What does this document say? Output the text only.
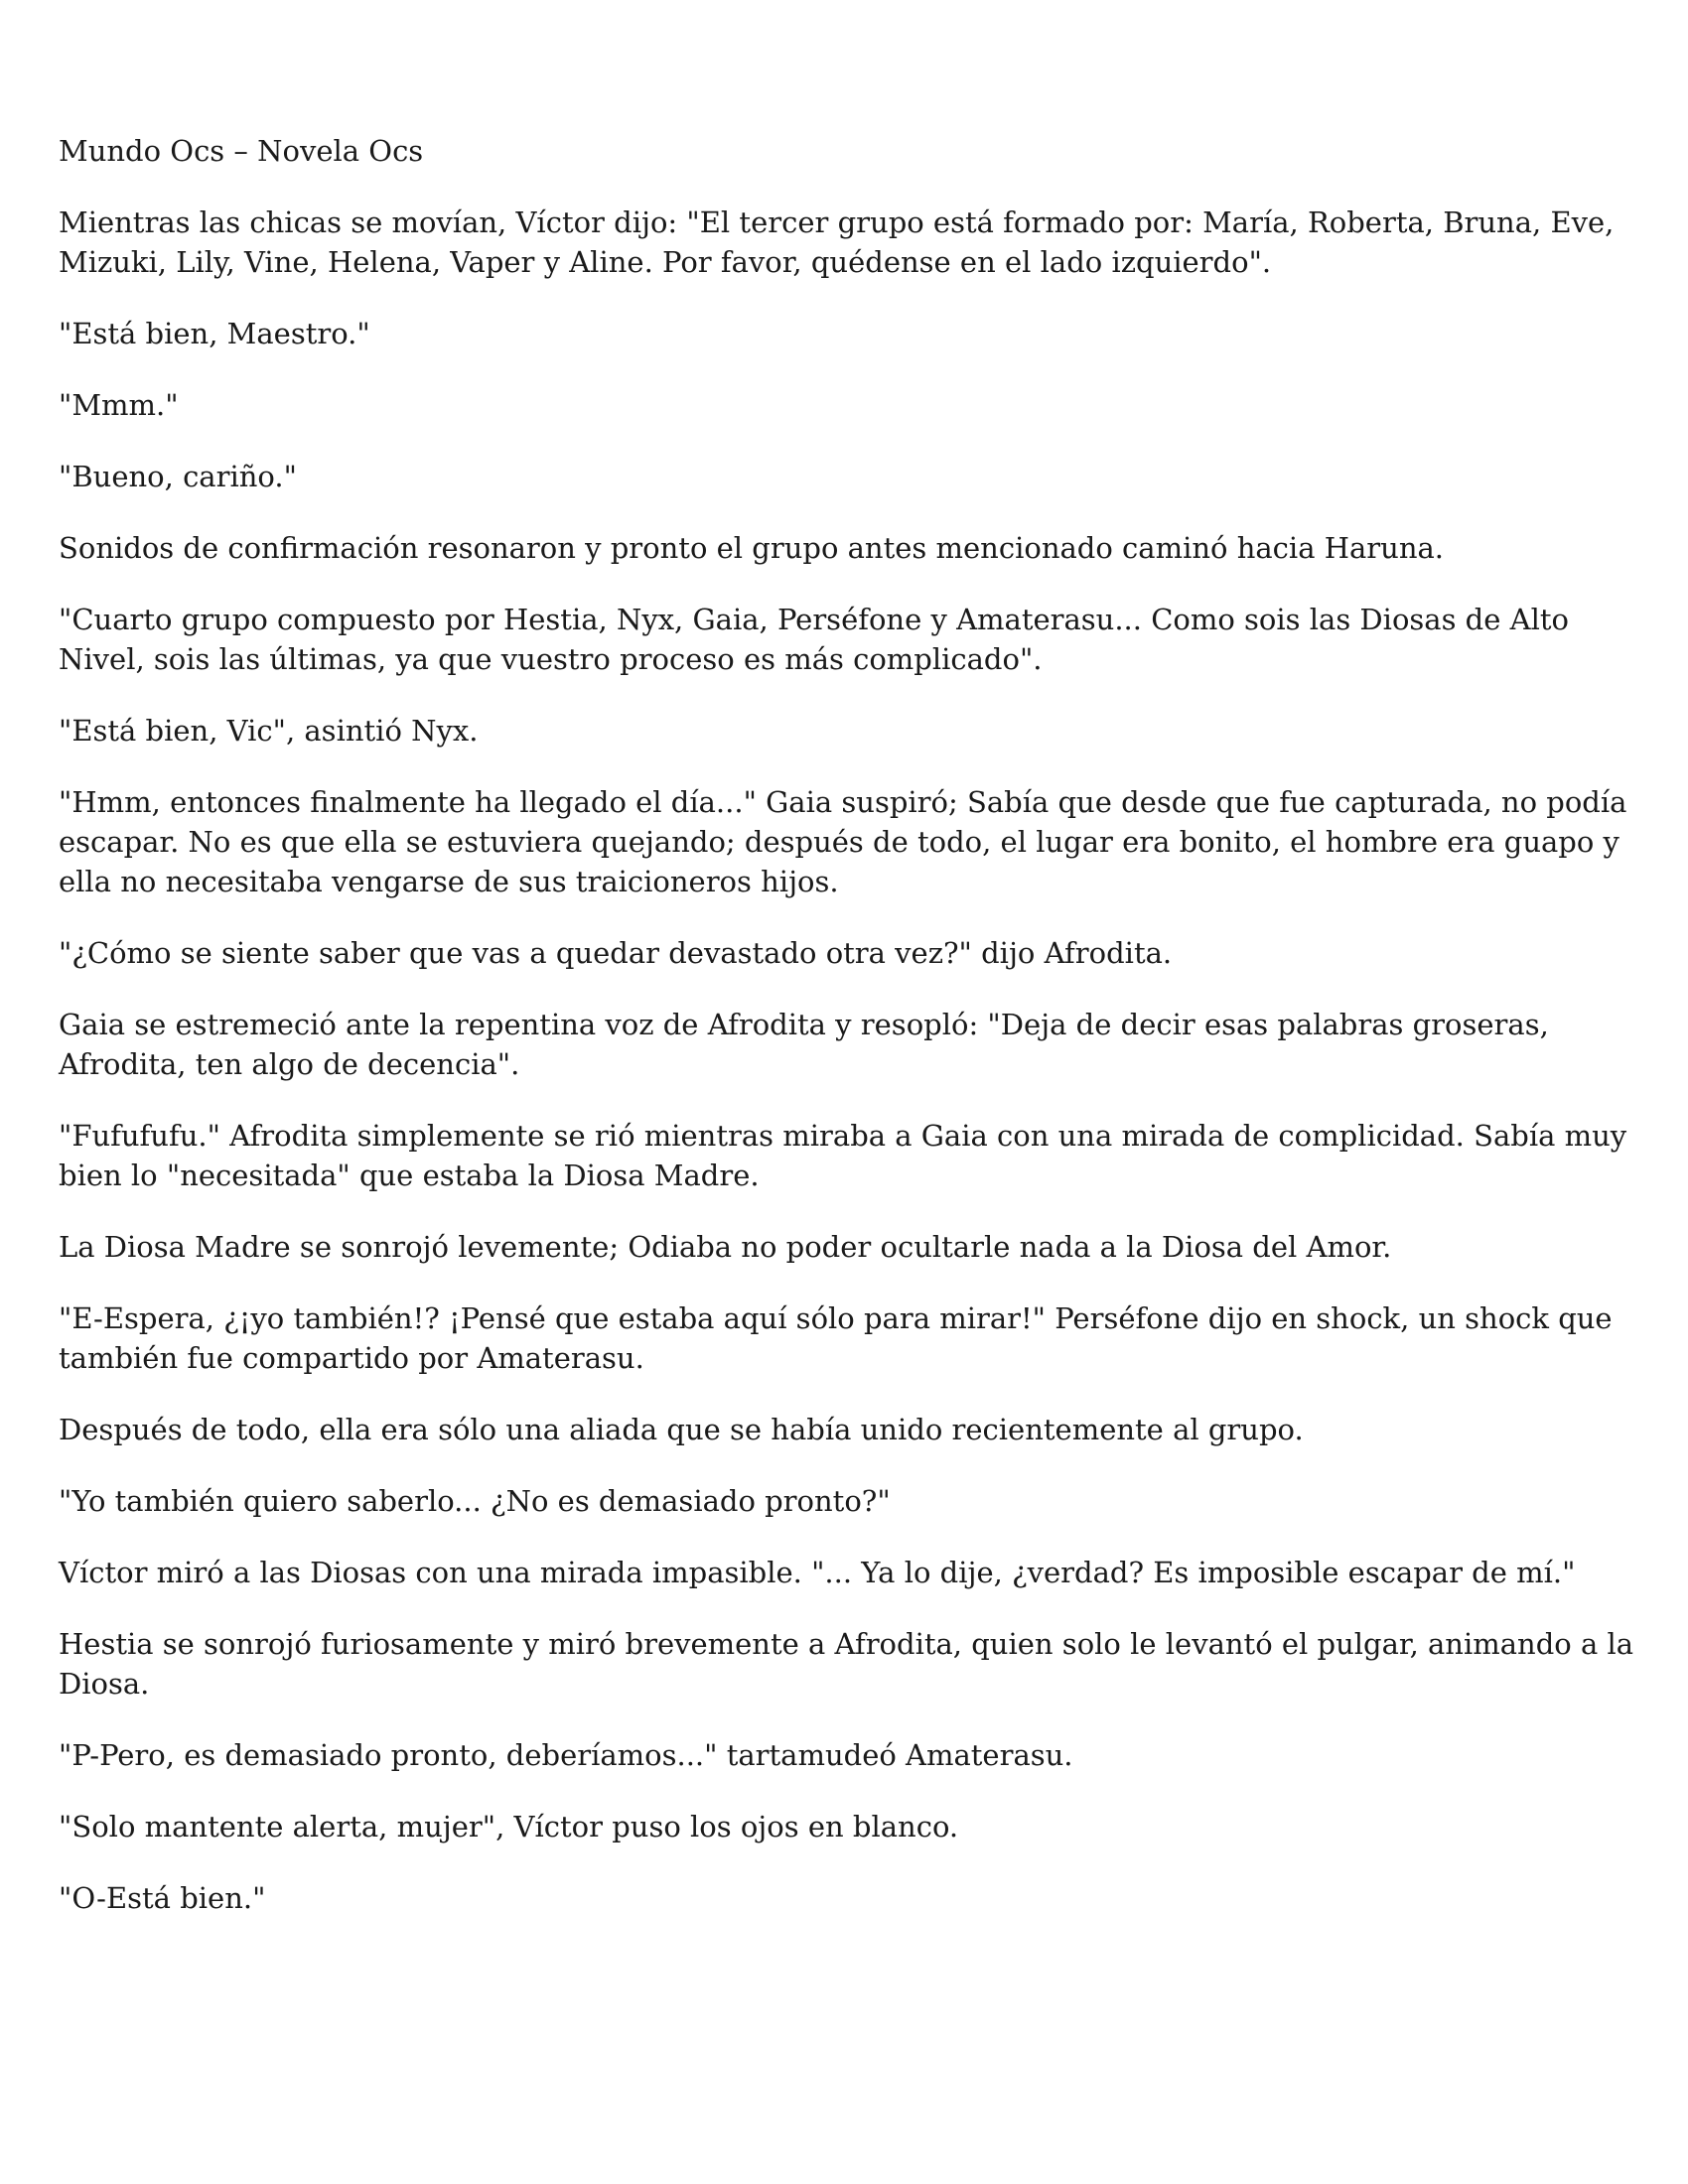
Mundo Ocs – Novela Ocs

Mientras las chicas se movían, Víctor dijo: "El tercer grupo está formado por: María, Roberta, Bruna, Eve, Mizuki, Lily, Vine, Helena, Vaper y Aline. Por favor, quédense en el lado izquierdo".

"Está bien, Maestro."

"Mmm."

"Bueno, cariño."

Sonidos de confirmación resonaron y pronto el grupo antes mencionado caminó hacia Haruna.

"Cuarto grupo compuesto por Hestia, Nyx, Gaia, Perséfone y Amaterasu... Como sois las Diosas de Alto Nivel, sois las últimas, ya que vuestro proceso es más complicado".

"Está bien, Vic", asintió Nyx.

"Hmm, entonces finalmente ha llegado el día..." Gaia suspiró; Sabía que desde que fue capturada, no podía escapar. No es que ella se estuviera quejando; después de todo, el lugar era bonito, el hombre era guapo y ella no necesitaba vengarse de sus traicioneros hijos.

"¿Cómo se siente saber que vas a quedar devastado otra vez?" dijo Afrodita.

Gaia se estremeció ante la repentina voz de Afrodita y resopló: "Deja de decir esas palabras groseras, Afrodita, ten algo de decencia".

"Fufufufu." Afrodita simplemente se rió mientras miraba a Gaia con una mirada de complicidad. Sabía muy bien lo "necesitada" que estaba la Diosa Madre.

La Diosa Madre se sonrojó levemente; Odiaba no poder ocultarle nada a la Diosa del Amor.

"E-Espera, ¿¡yo también!? ¡Pensé que estaba aquí sólo para mirar!" Perséfone dijo en shock, un shock que también fue compartido por Amaterasu.

Después de todo, ella era sólo una aliada que se había unido recientemente al grupo.

"Yo también quiero saberlo... ¿No es demasiado pronto?"

Víctor miró a las Diosas con una mirada impasible. "... Ya lo dije, ¿verdad? Es imposible escapar de mí."

Hestia se sonrojó furiosamente y miró brevemente a Afrodita, quien solo le levantó el pulgar, animando a la Diosa.

"P-Pero, es demasiado pronto, deberíamos..." tartamudeó Amaterasu.

"Solo mantente alerta, mujer", Víctor puso los ojos en blanco.

"O-Está bien."
